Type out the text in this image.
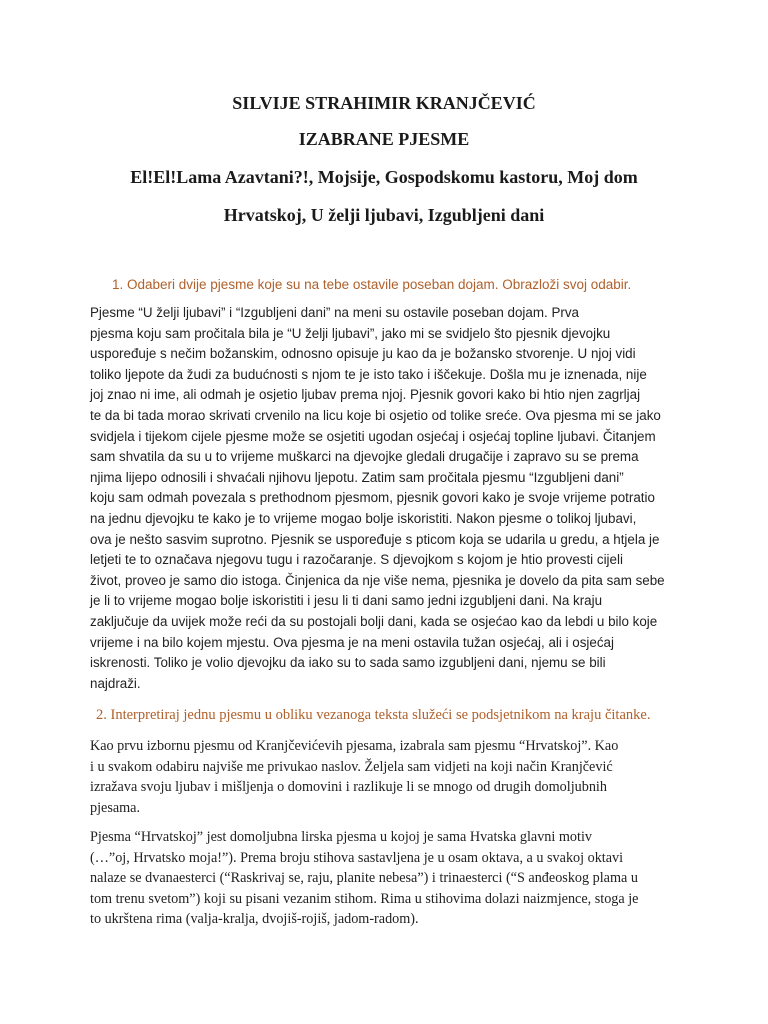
SILVIJE STRAHIMIR KRANJČEVIĆ
IZABRANE PJESME
El!El!Lama Azavtani?!, Mojsije, Gospodskomu kastoru, Moj dom
Hrvatskoj, U želji ljubavi, Izgubljeni dani
1. Odaberi dvije pjesme koje su na tebe ostavile poseban dojam. Obrazloži svoj odabir.

Pjesme “U želji ljubavi” i “Izgubljeni dani” na meni su ostavile poseban dojam. Prva

pjesma koju sam pročitala bila je “U želji ljubavi”, jako mi se svidjelo što pjesnik djevojku

uspoređuje s nečim božanskim, odnosno opisuje ju kao da je božansko stvorenje. U njoj vidi

toliko ljepote da žudi za budućnosti s njom te je isto tako i iščekuje. Došla mu je iznenada, nije

joj znao ni ime, ali odmah je osjetio ljubav prema njoj. Pjesnik govori kako bi htio njen zagrljaj

te da bi tada morao skrivati crvenilo na licu koje bi osjetio od tolike sreće. Ova pjesma mi se jako

svidjela i tijekom cijele pjesme može se osjetiti ugodan osjećaj i osjećaj topline ljubavi. Čitanjem

sam shvatila da su u to vrijeme muškarci na djevojke gledali drugačije i zapravo su se prema

njima lijepo odnosili i shvaćali njihovu ljepotu. Zatim sam pročitala pjesmu “Izgubljeni dani”

koju sam odmah povezala s prethodnom pjesmom, pjesnik govori kako je svoje vrijeme potratio

na jednu djevojku te kako je to vrijeme mogao bolje iskoristiti. Nakon pjesme o tolikoj ljubavi,

ova je nešto sasvim suprotno. Pjesnik se uspoređuje s pticom koja se udarila u gredu, a htjela je

letjeti te to označava njegovu tugu i razočaranje. S djevojkom s kojom je htio provesti cijeli

život, proveo je samo dio istoga. Činjenica da nje više nema, pjesnika je dovelo da pita sam sebe

je li to vrijeme mogao bolje iskoristiti i jesu li ti dani samo jedni izgubljeni dani. Na kraju

zaključuje da uvijek može reći da su postojali bolji dani, kada se osjećao kao da lebdi u bilo koje

vrijeme i na bilo kojem mjestu. Ova pjesma je na meni ostavila tužan osjećaj, ali i osjećaj

iskrenosti. Toliko je volio djevojku da iako su to sada samo izgubljeni dani, njemu se bili

najdraži.

2. Interpretiraj jednu pjesmu u obliku vezanoga teksta služeći se podsjetnikom na kraju čitanke.

Kao prvu izbornu pjesmu od Kranjčevićevih pjesama, izabrala sam pjesmu “Hrvatskoj”. Kao

i u svakom odabiru najviše me privukao naslov. Željela sam vidjeti na koji način Kranjčević

izražava svoju ljubav i mišljenja o domovini i razlikuje li se mnogo od drugih domoljubnih

pjesama.

Pjesma “Hrvatskoj” jest domoljubna lirska pjesma u kojoj je sama Hvatska glavni motiv

(…”oj, Hrvatsko moja!”). Prema broju stihova sastavljena je u osam oktava, a u svakoj oktavi

nalaze se dvanaesterci (“Raskrivaj se, raju, planite nebesa”) i trinaesterci (“S anđeoskog plama u

tom trenu svetom”) koji su pisani vezanim stihom. Rima u stihovima dolazi naizmjence, stoga je

to ukrštena rima (valja-kralja, dvojiš-rojiš, jadom-radom).
